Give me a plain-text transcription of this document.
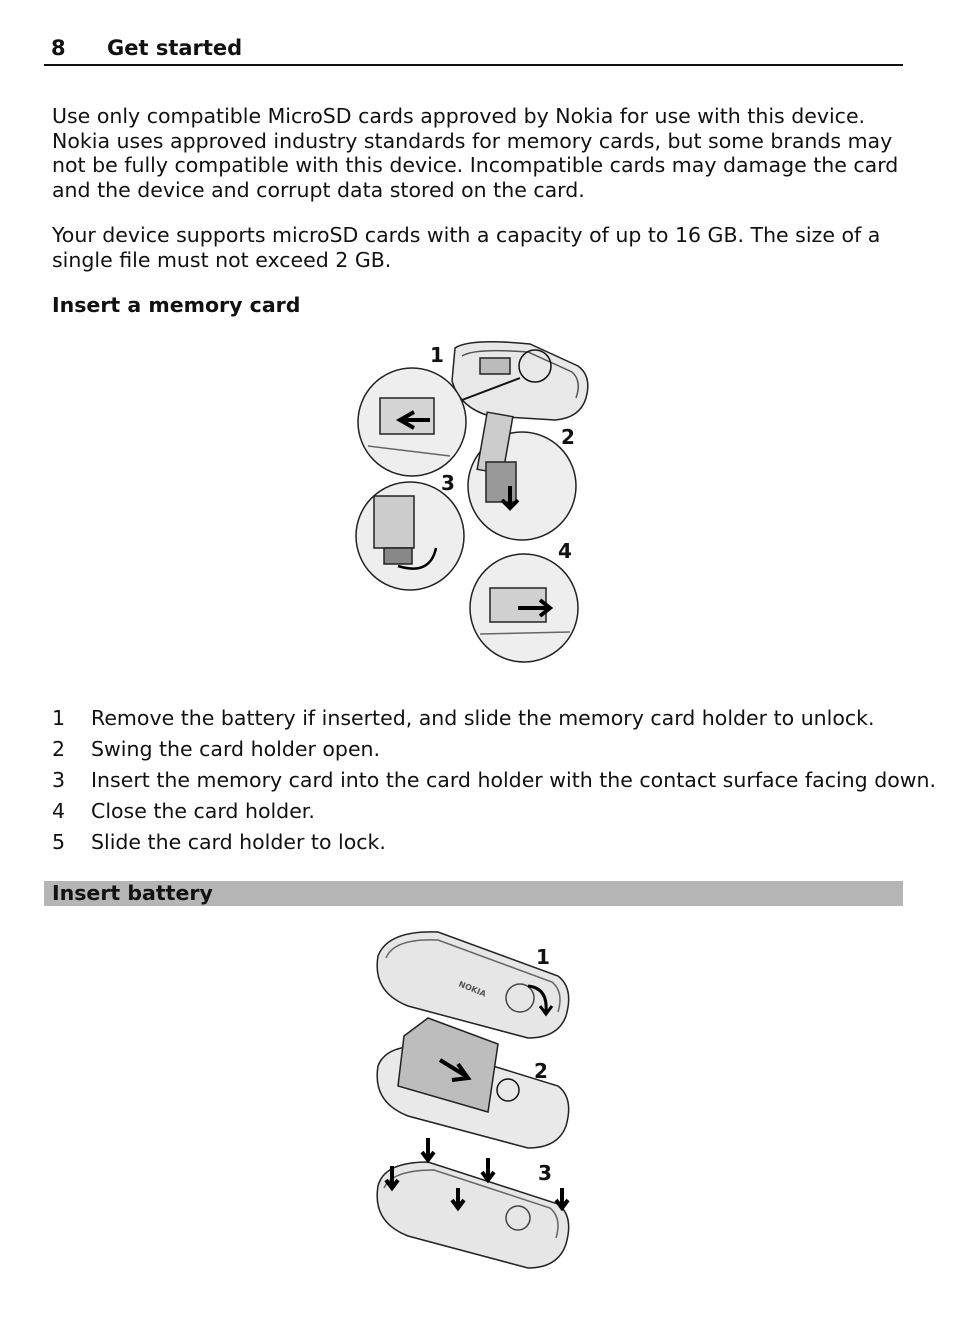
8 Get started

Use only compatible MicroSD cards approved by Nokia for use with this device. Nokia uses approved industry standards for memory cards, but some brands may not be fully compatible with this device. Incompatible cards may damage the card and the device and corrupt data stored on the card.

Your device supports microSD cards with a capacity of up to 16 GB. The size of a single file must not exceed 2 GB.

Insert a memory card
1
2
3
4
1 Remove the battery if inserted, and slide the memory card holder to unlock.
2 Swing the card holder open.
3 Insert the memory card into the card holder with the contact surface facing down.
4 Close the card holder.
5 Slide the card holder to lock.
Insert battery
NOKIA
1
2
3
